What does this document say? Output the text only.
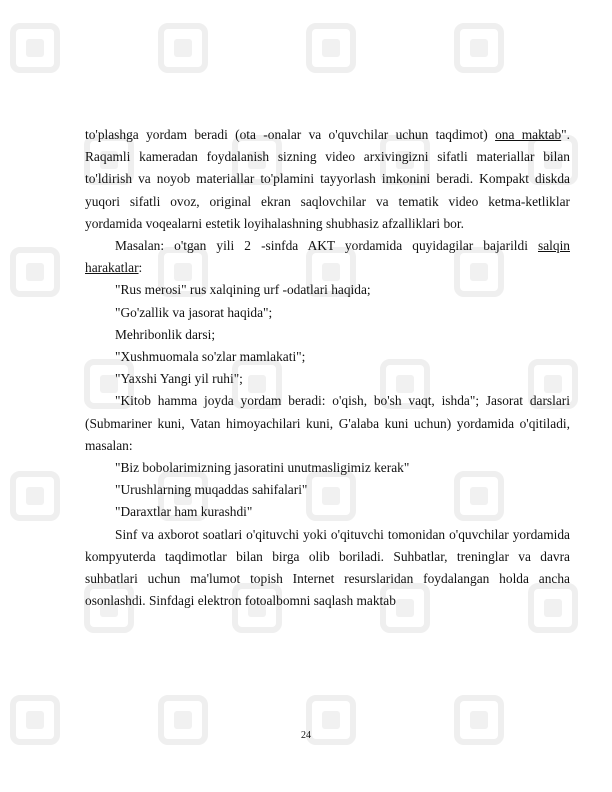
to'plashga yordam beradi (ota -onalar va o'quvchilar uchun taqdimot) ona maktab". Raqamli kameradan foydalanish sizning video arxivingizni sifatli materiallar bilan to'ldirish va noyob materiallar to'plamini tayyorlash imkonini beradi. Kompakt diskda yuqori sifatli ovoz, original ekran saqlovchilar va tematik video ketma-ketliklar yordamida voqealarni estetik loyihalashning shubhasiz afzalliklari bor.

Masalan: o'tgan yili 2 -sinfda AKT yordamida quyidagilar bajarildi salqin harakatlar:

"Rus merosi" rus xalqining urf -odatlari haqida;

"Go'zallik va jasorat haqida";

Mehribonlik darsi;

"Xushmuomala so'zlar mamlakati";

"Yaxshi Yangi yil ruhi";

"Kitob hamma joyda yordam beradi: o'qish, bo'sh vaqt, ishda"; Jasorat darslari (Submariner kuni, Vatan himoyachilari kuni, G'alaba kuni uchun) yordamida o'qitiladi, masalan:

"Biz bobolarimizning jasoratini unutmasligimiz kerak"

"Urushlarning muqaddas sahifalari"

"Daraxtlar ham kurashdi"

Sinf va axborot soatlari o'qituvchi yoki o'qituvchi tomonidan o'quvchilar yordamida kompyuterda taqdimotlar bilan birga olib boriladi. Suhbatlar, treninglar va davra suhbatlari uchun ma'lumot topish Internet resurslaridan foydalangan holda ancha osonlashdi. Sinfdagi elektron fotoalbomni saqlash maktab

24
